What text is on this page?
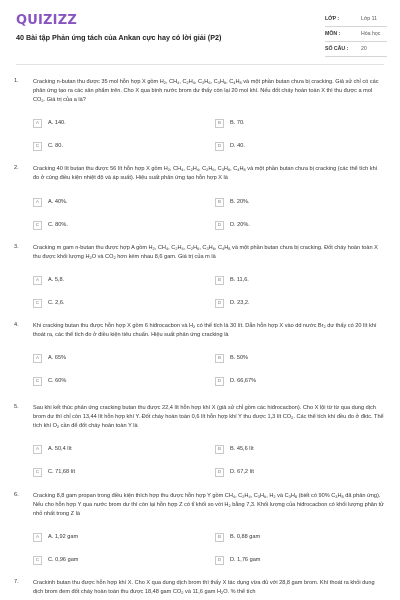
QUIZIZZ
40 Bài tập Phản ứng tách của Ankan cực hay có lời giải (P2)
LỚP :	Lớp 11
MÔN :	Hóa học
SỐ CÂU :	20
1.	Cracking n-butan thu được 35 mol hỗn hợp X gồm $H_2$, $CH_4$, $C_2H_4$, $C_2H_6$, $C_3H_6$, $C_4H_8$ và một phần butan chưa bị cracking. Giả sử chỉ có các phản ứng tạo ra các sản phẩm trên. Cho X qua bình nước brom dư thấy còn lại 20 mol khí. Nếu đốt cháy hoàn toàn X thì thu được a mol $CO_2$. Giá trị của a là?
2.	Cracking 40 lít butan thu được 56 lít hỗn hợp X gồm $H_2$, $CH_4$, $C_2H_4$, $C_2H_6$, $C_3H_6$, $C_4H_8$ và một phần butan chưa bị cracking (các thể tích khí đo ở cùng điều kiện nhiệt độ và áp suất). Hiệu suất phản ứng tạo hỗn hợp X là
3.	Cracking m gam n-butan thu được hợp A gồm $H_2$, $CH_4$, $C_2H_4$, $C_2H_6$, $C_3H_6$, $C_4H_8$ và một phần butan chưa bị cracking. Đốt cháy hoàn toàn X thu được khối lượng $H_2O$ và $CO_2$ hơn kém nhau 8,6 gam. Giá trị của m là
4.	Khi cracking butan thu được hỗn hợp X gồm 6 hiđrocacbon và $H_2$ có thể tích là 30 lít. Dẫn hỗn hợp X vào dd nước $Br_2$ dư thấy có 20 lít khí thoát ra, các thể tích đo ở điều kiện tiêu chuẩn. Hiệu suất phản ứng cracking là
5.	Sau khi kết thúc phản ứng cracking butan thu được 22,4 lít hỗn hợp khí X (giả sử chỉ gồm các hiđrocacbon). Cho X lội từ từ qua dung dịch brom dư thì chỉ còn 13,44 lít hỗn hợp khí Y. Đốt cháy hoàn toàn 0,6 lít hỗn hợp khí Y thu được 1,3 lít $CO_2$. Các thể tích khí đều đo ở đktc. Thể tích khí $O_2$ cần để đốt cháy hoàn toàn Y là
6.	Cracking 8,8 gam propan trong điều kiện thích hợp thu được hỗn hợp Y gồm $CH_4$, $C_2H_4$, $C_3H_6$, $H_2$ và $C_3H_8$ (biết có 90% $C_3H_8$ đã phản ứng). Nếu cho hỗn hợp Y qua nước brom dư thì còn lại hỗn hợp Z có tỉ khối so với $H_2$ bằng 7,3. Khối lượng của hiđrocacbon có khối lượng phân tử nhỏ nhất trong Z là
7.	Crackinh butan thu được hỗn hợp khí X. Cho X qua dung dịch brom thì thấy X tác dụng vừa đủ với 28,8 gam brom. Khí thoát ra khỏi dung dịch brom đem đốt cháy hoàn toàn thu được 18,48 gam $CO_2$ và 11,6 gam $H_2O$. % thể tích
A	A. 140.	B	B. 70.
C	C. 80.	D	D. 40.
A	A. 40%.	B	B. 20%.
C	C. 80%.	D	D. 20%.
A	A. 5,8.	B	B. 11,6.
C	C. 2,6.	D	D. 23,2.
A	A. 65%	B	B. 50%
C	C. 60%	D	D. 66,67%
A	A. 50,4 lít	B	B. 45,6 lít
C	C. 71,68 lít	D	D. 67,2 lít
A	A. 1,92 gam	B	B. 0,88 gam
C	C. 0,96 gam	D	D. 1,76 gam
